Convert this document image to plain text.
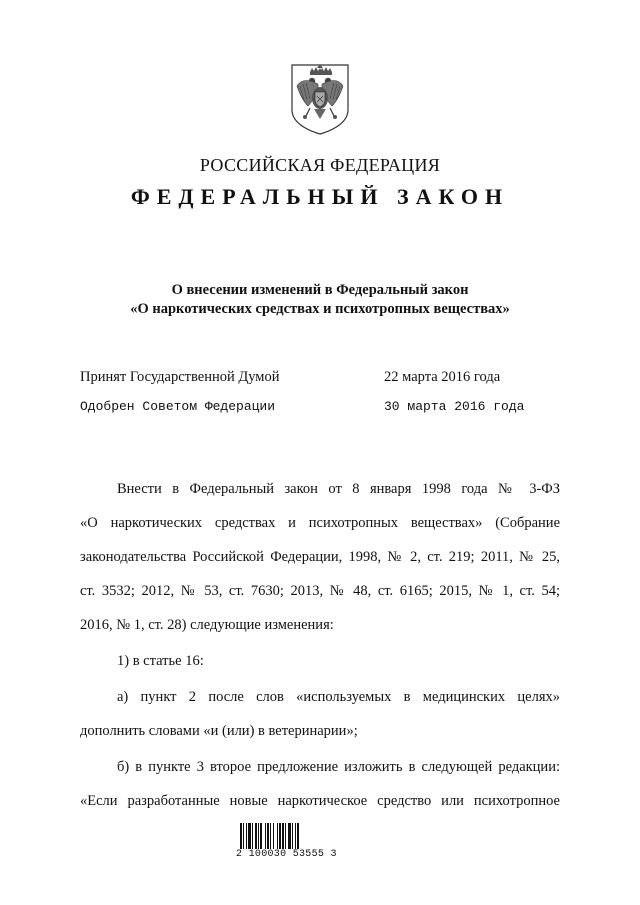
РОССИЙСКАЯ ФЕДЕРАЦИЯ
ФЕДЕРАЛЬНЫЙ ЗАКОН
О внесении изменений в Федеральный закон
«О наркотических средствах и психотропных веществах»
Принят Государственной Думой	22 марта 2016 года
Одобрен Советом Федерации	30 марта 2016 года
Внести в Федеральный закон от 8 января 1998 года № 3-ФЗ
«О наркотических средствах и психотропных веществах» (Собрание
законодательства Российской Федерации, 1998, № 2, ст. 219; 2011, № 25,
ст. 3532; 2012, № 53, ст. 7630; 2013, № 48, ст. 6165; 2015, № 1, ст. 54;
2016, № 1, ст. 28) следующие изменения:
1) в статье 16:
а) пункт 2 после слов «используемых в медицинских целях»
дополнить словами «и (или) в ветеринарии»;
б) в пункте 3 второе предложение изложить в следующей редакции:
«Если разработанные новые наркотическое средство или психотропное
2 100030 53555 3
